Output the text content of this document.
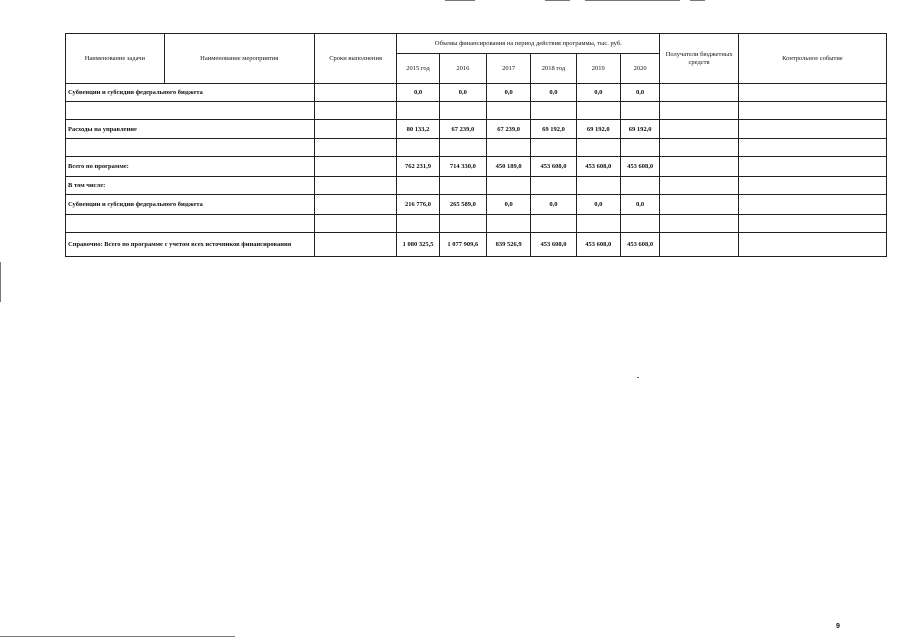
Наименование задачи	Наименование мероприятия	Сроки выполнения	Объемы финансирования на период действия программы, тыс. руб.						Получатели бюджетных средств	Контрольное событие
			2015 год	2016	2017	2018 год	2019	2020		
Субвенции и субсидии федерального бюджета			0,0	0,0	0,0	0,0	0,0	0,0		

Расходы на управление			80 133,2	67 239,0	67 239,0	69 192,0	69 192,0	69 192,0		

Всего по программе:			762 231,9	714 330,0	450 189,0	453 608,0	453 608,0	453 608,0		
В том числе:										
Субвенции и субсидии федерального бюджета			216 776,0	265 589,0	0,0	0,0	0,0	0,0		

Справочно: Всего по программе с учетом всех источников финансирования			1 080 325,5	1 077 909,6	839 526,9	453 608,0	453 608,0	453 608,0		
9
